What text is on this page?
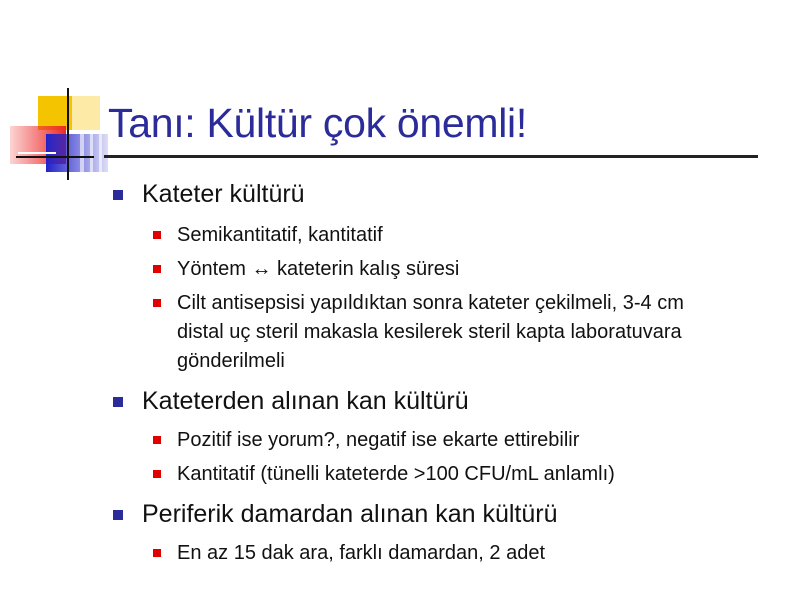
Tanı: Kültür çok önemli!
Kateter kültürü
Semikantitatif, kantitatif
Yöntem ↔ kateterin kalış süresi
Cilt antisepsisi yapıldıktan sonra kateter çekilmeli, 3-4 cm
distal uç steril makasla kesilerek steril kapta laboratuvara
gönderilmeli
Kateterden alınan kan kültürü
Pozitif ise yorum?, negatif ise ekarte ettirebilir
Kantitatif (tünelli kateterde >100 CFU/mL anlamlı)
Periferik damardan alınan kan kültürü
En az 15 dak ara, farklı damardan, 2 adet
